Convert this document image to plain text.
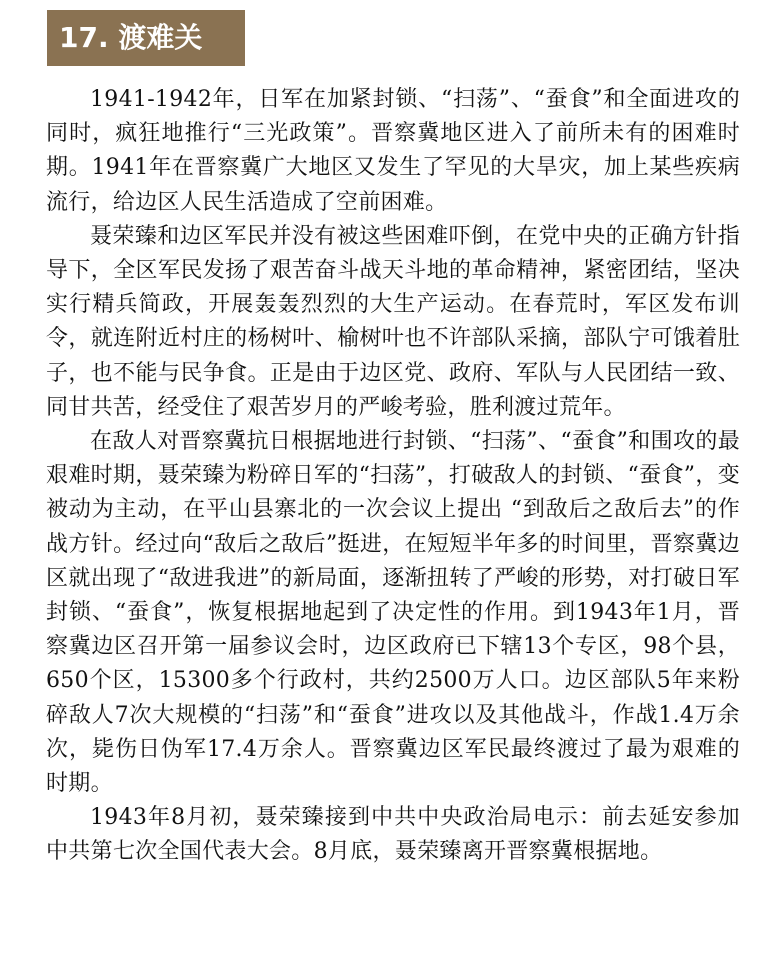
17. 渡难关

1941-1942年，日军在加紧封锁、“扫荡”、“蚕食”和全面进攻的同时，疯狂地推行“三光政策”。晋察冀地区进入了前所未有的困难时期。1941年在晋察冀广大地区又发生了罕见的大旱灾，加上某些疾病流行，给边区人民生活造成了空前困难。

聂荣臻和边区军民并没有被这些困难吓倒，在党中央的正确方针指导下，全区军民发扬了艰苦奋斗战天斗地的革命精神，紧密团结，坚决实行精兵简政，开展轰轰烈烈的大生产运动。在春荒时，军区发布训令，就连附近村庄的杨树叶、榆树叶也不许部队采摘，部队宁可饿着肚子，也不能与民争食。正是由于边区党、政府、军队与人民团结一致、同甘共苦，经受住了艰苦岁月的严峻考验，胜利渡过荒年。

在敌人对晋察冀抗日根据地进行封锁、“扫荡”、“蚕食”和围攻的最艰难时期，聂荣臻为粉碎日军的“扫荡”，打破敌人的封锁、“蚕食”，变被动为主动，在平山县寨北的一次会议上提出 “到敌后之敌后去”的作战方针。经过向“敌后之敌后”挺进，在短短半年多的时间里，晋察冀边区就出现了“敌进我进”的新局面，逐渐扭转了严峻的形势，对打破日军封锁、“蚕食”，恢复根据地起到了决定性的作用。到1943年1月，晋察冀边区召开第一届参议会时，边区政府已下辖13个专区，98个县，650个区，15300多个行政村，共约2500万人口。边区部队5年来粉碎敌人7次大规模的“扫荡”和“蚕食”进攻以及其他战斗，作战1.4万余次，毙伤日伪军17.4万余人。晋察冀边区军民最终渡过了最为艰难的时期。

1943年8月初，聂荣臻接到中共中央政治局电示：前去延安参加中共第七次全国代表大会。8月底，聂荣臻离开晋察冀根据地。
